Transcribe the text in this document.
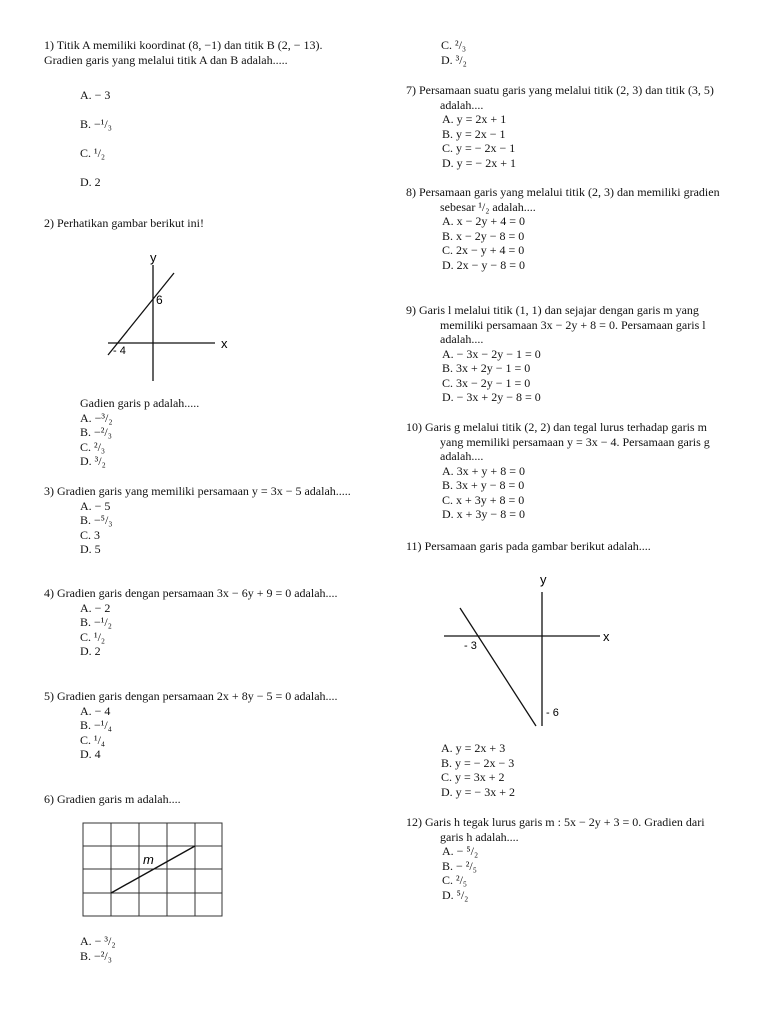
1) Titik A memiliki koordinat (8, −1) dan titik B (2, − 13). Gradien garis yang melalui titik A dan B adalah.....
A. − 3
B. −¹/₃
C. ¹/₂
D. 2
2) Perhatikan gambar berikut ini!
y
x
6
- 4
Gadien garis p adalah.....
A. −³/₂
B. −²/₃
C. ²/₃
D. ³/₂
3) Gradien garis yang memiliki persamaan y = 3x − 5 adalah.....
A. − 5
B. −⁵/₃
C. 3
D. 5
4) Gradien garis dengan persamaan 3x − 6y + 9 = 0 adalah....
A. − 2
B. −¹/₂
C. ¹/₂
D. 2
5) Gradien garis dengan persamaan 2x + 8y − 5 = 0 adalah....
A. − 4
B. −¹/₄
C. ¹/₄
D. 4
6) Gradien garis m adalah....
m
A. − ³/₂
B. −²/₃
C. ²/₃
D. ³/₂
7) Persamaan suatu garis yang melalui titik (2, 3) dan titik (3, 5) adalah....
A. y = 2x + 1
B. y = 2x − 1
C. y = − 2x − 1
D. y = − 2x + 1
8) Persamaan garis yang melalui titik (2, 3) dan memiliki gradien sebesar ¹/₂ adalah....
A. x − 2y + 4 = 0
B. x − 2y − 8 = 0
C. 2x − y + 4 = 0
D. 2x − y − 8 = 0
9) Garis l melalui titik (1, 1) dan sejajar dengan garis m yang memiliki persamaan 3x − 2y + 8 = 0. Persamaan garis l adalah....
A. − 3x − 2y − 1 = 0
B. 3x + 2y − 1 = 0
C. 3x − 2y − 1 = 0
D. − 3x + 2y − 8 = 0
10) Garis g melalui titik (2, 2) dan tegal lurus terhadap garis m yang memiliki persamaan y = 3x − 4. Persamaan garis g adalah....
A. 3x + y + 8 = 0
B. 3x + y − 8 = 0
C. x + 3y + 8 = 0
D. x + 3y − 8 = 0
11) Persamaan garis pada gambar berikut adalah....
y
x
- 3
- 6
A. y = 2x + 3
B. y = − 2x − 3
C. y = 3x + 2
D. y = − 3x + 2
12) Garis h tegak lurus garis m : 5x − 2y + 3 = 0. Gradien dari garis h adalah....
A. − ⁵/₂
B. − ²/₅
C. ²/₅
D. ⁵/₂
